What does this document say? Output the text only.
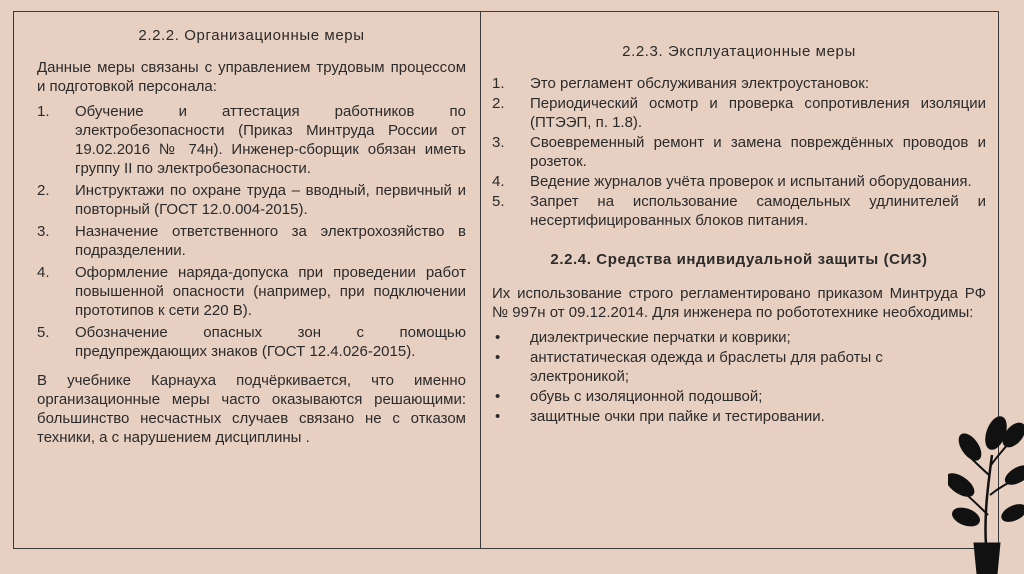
2.2.2. Организационные меры

Данные меры связаны с управлением трудовым процессом и подготовкой персонала:

1. Обучение и аттестация работников по электробезопасности (Приказ Минтруда России от 19.02.2016 № 74н). Инженер-сборщик обязан иметь группу II по электробезопасности.
2. Инструктажи по охране труда – вводный, первичный и повторный (ГОСТ 12.0.004-2015).
3. Назначение ответственного за электрохозяйство в подразделении.
4. Оформление наряда-допуска при проведении работ повышенной опасности (например, при подключении прототипов к сети 220 В).
5. Обозначение опасных зон с помощью предупреждающих знаков (ГОСТ 12.4.026-2015).

В учебнике Карнауха подчёркивается, что именно организационные меры часто оказываются решающими: большинство несчастных случаев связано не с отказом техники, а с нарушением дисциплины .

2.2.3. Эксплуатационные меры
1. Это регламент обслуживания электроустановок:
2. Периодический осмотр и проверка сопротивления изоляции (ПТЭЭП, п. 1.8).
3. Своевременный ремонт и замена повреждённых проводов и розеток.
4. Ведение журналов учёта проверок и испытаний оборудования.
5. Запрет на использование самодельных удлинителей и несертифицированных блоков питания.
2.2.4. Средства индивидуальной защиты (СИЗ)

Их использование строго регламентировано приказом Минтруда РФ № 997н от 09.12.2014. Для инженера по робототехнике необходимы:

• диэлектрические перчатки и коврики;
• антистатическая одежда и браслеты для работы с электроникой;
• обувь с изоляционной подошвой;
• защитные очки при пайке и тестировании.
